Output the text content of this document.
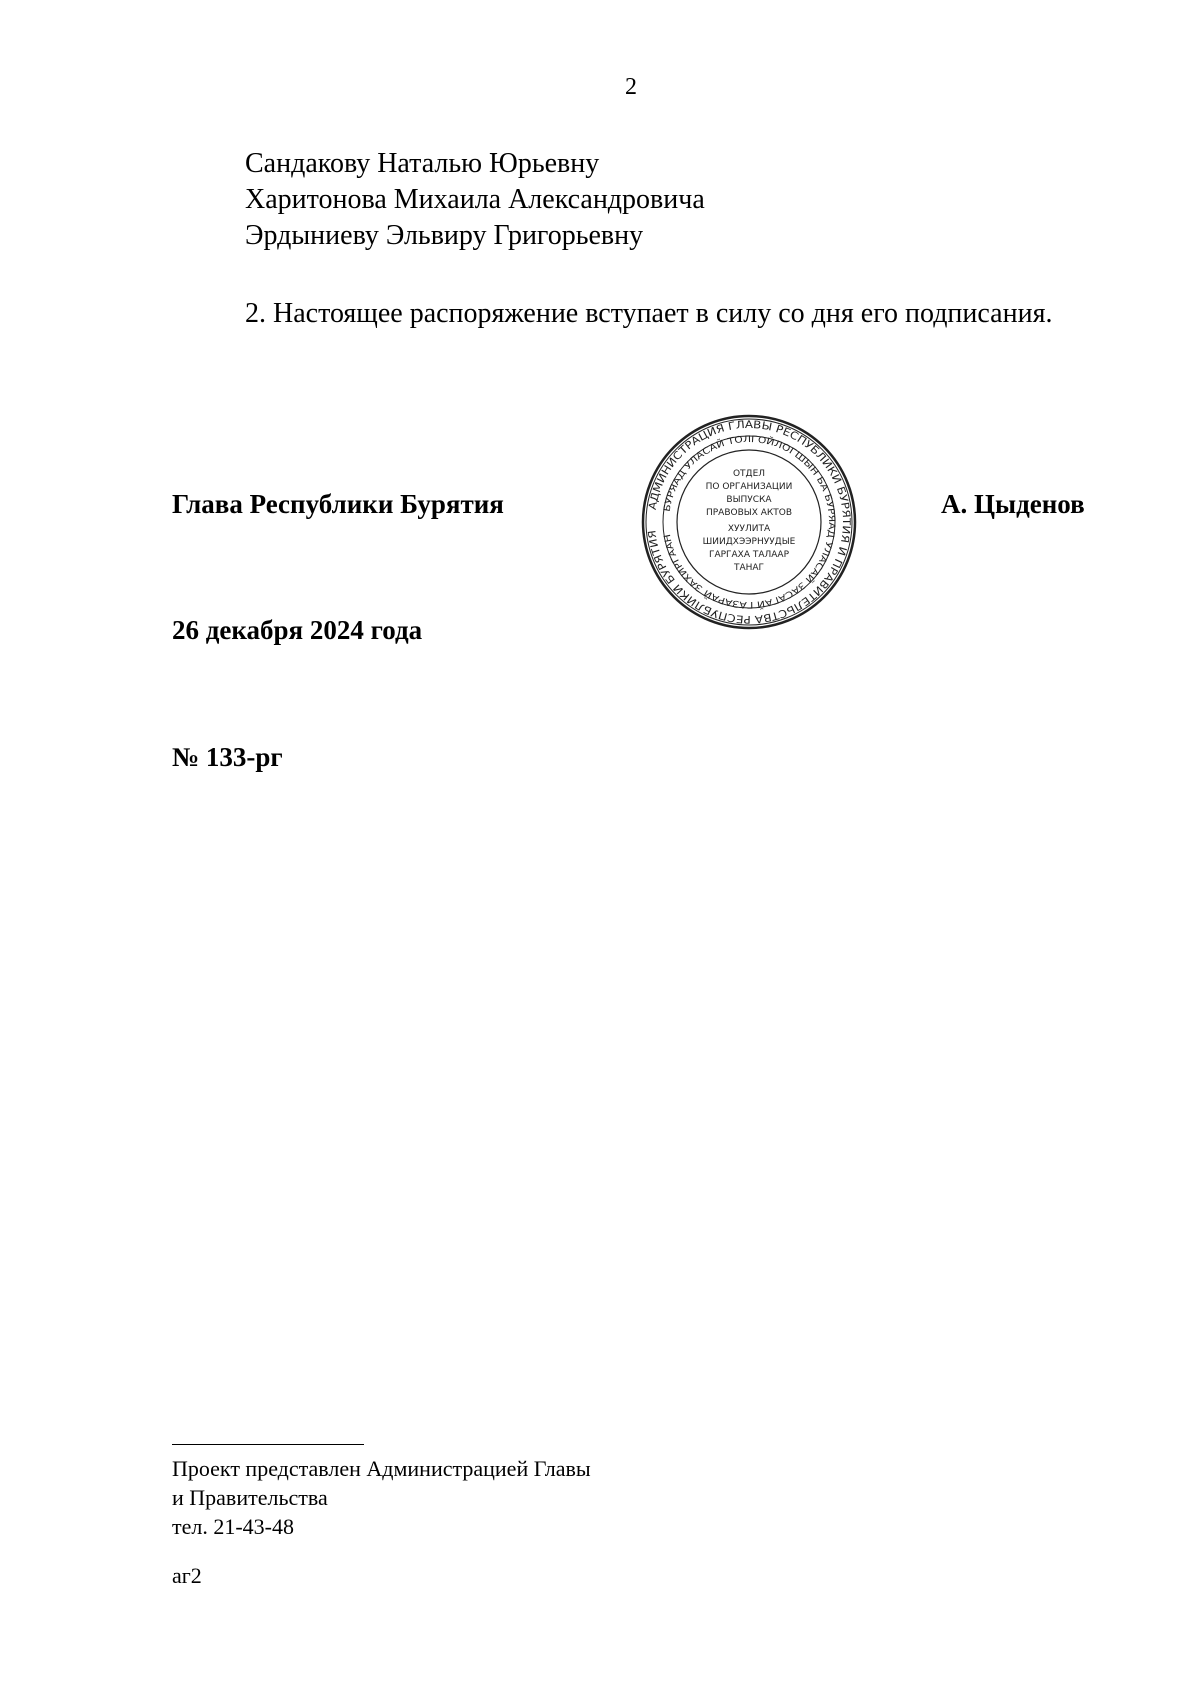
2
Сандакову Наталью Юрьевну
Харитонова Михаила Александровича
Эрдыниеву Эльвиру Григорьевну
2. Настоящее распоряжение вступает в силу со дня его подписания.
Глава Республики Бурятия	А. Цыденов
АДМИНИСТРАЦИЯ ГЛАВЫ РЕСПУБЛИКИ БУРЯТИЯ И ПРАВИТЕЛЬСТВА РЕСПУБЛИКИ БУРЯТИЯ
БУРЯАД УЛАСАЙ ТОЛГОЙЛОГШЫН БА БУРЯАД УЛАСАЙ ЗАСАГАЙ ГАЗАРАЙ ЗАХИРГААН
ОТДЕЛ
ПО ОРГАНИЗАЦИИ
ВЫПУСКА
ПРАВОВЫХ АКТОВ
ХУУЛИТА
ШИИДХЭЭРНУУДЫЕ
ГАРГАХА ТАЛААР
ТАНАГ
26 декабря 2024 года
№ 133-рг
Проект представлен Администрацией Главы
и Правительства
тел. 21-43-48
аг2
